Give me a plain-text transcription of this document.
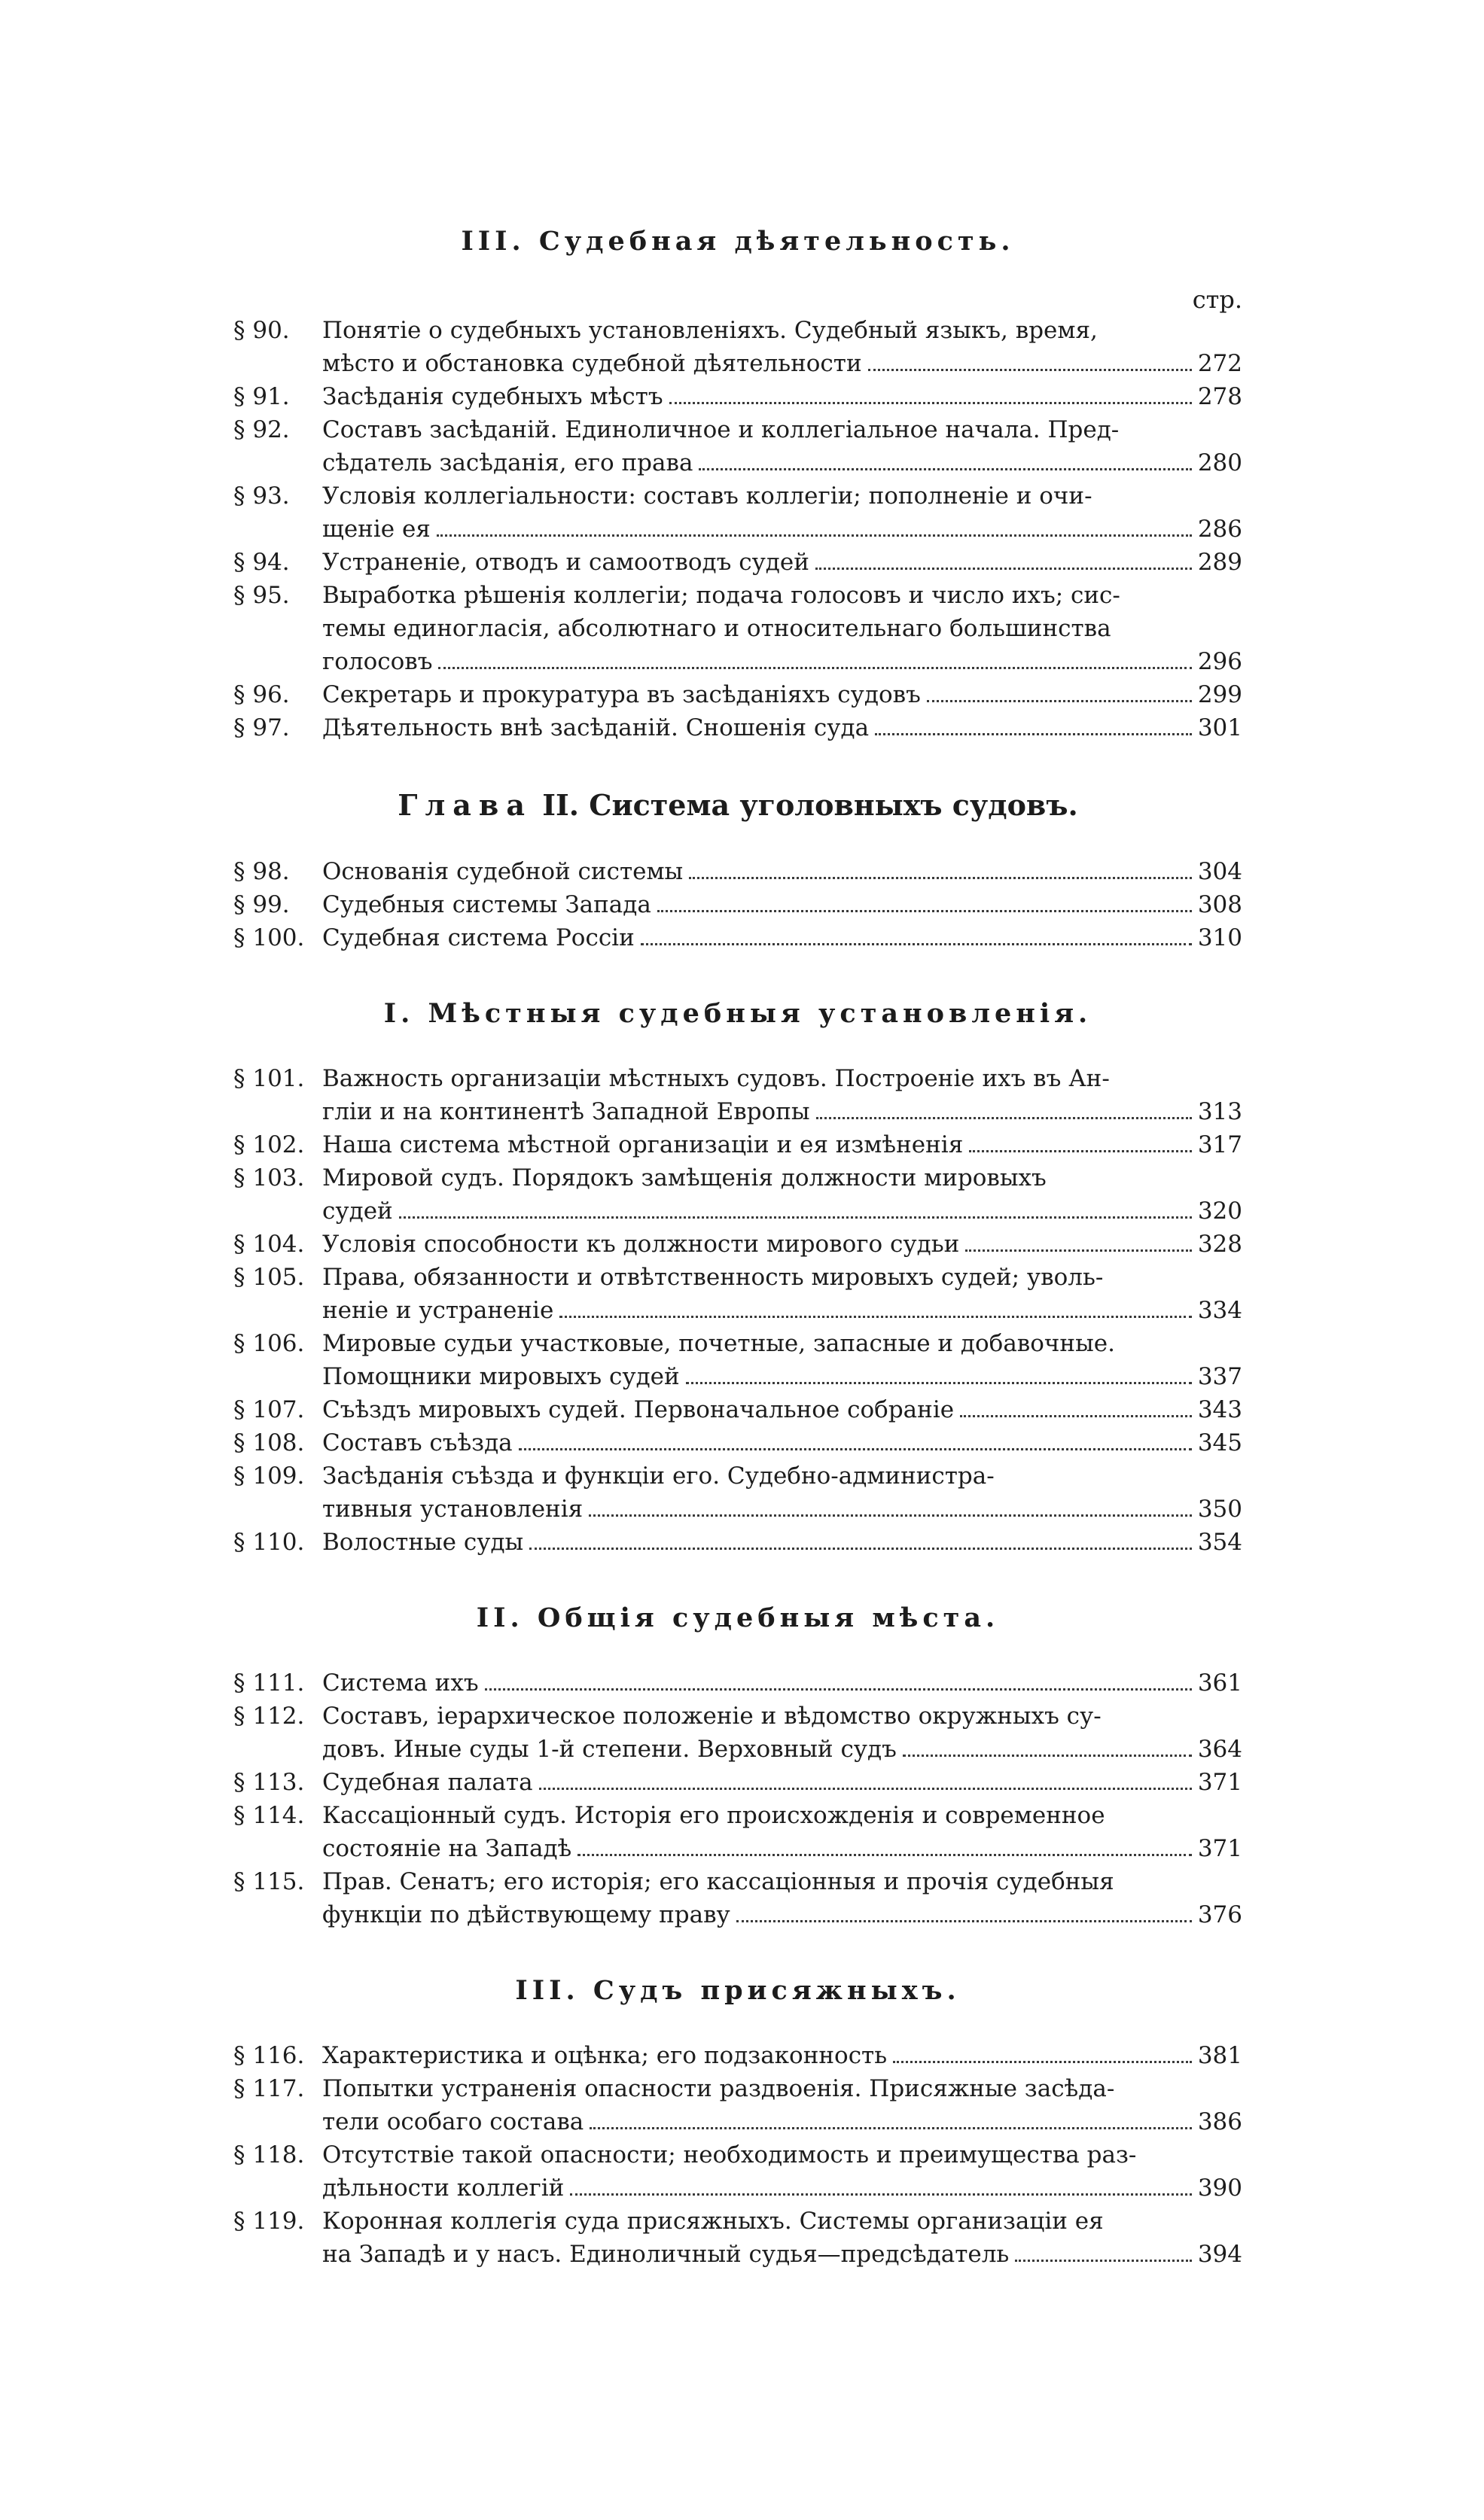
III. Судебная дѣятельность.
стр.
§ 90.	Понятіе о судебныхъ установленіяхъ. Судебный языкъ, время,
мѣсто и обстановка судебной дѣятельности	272
§ 91.	Засѣданія судебныхъ мѣстъ	278
§ 92.	Составъ засѣданій. Единоличное и коллегіальное начала. Пред-
сѣдатель засѣданія, его права	280
§ 93.	Условія коллегіальности: составъ коллегіи; пополненіе и очи-
щеніе ея	286
§ 94.	Устраненіе, отводъ и самоотводъ судей	289
§ 95.	Выработка рѣшенія коллегіи; подача голосовъ и число ихъ; сис-
темы единогласія, абсолютнаго и относительнаго большинства
голосовъ	296
§ 96.	Секретарь и прокуратура въ засѣданіяхъ судовъ	299
§ 97.	Дѣятельность внѣ засѣданій. Сношенія суда	301
Глава II. Система уголовныхъ судовъ.
§ 98.	Основанія судебной системы	304
§ 99.	Судебныя системы Запада	308
§ 100. Судебная система Россіи	310
I. Мѣстныя судебныя установленія.
§ 101. Важность организаціи мѣстныхъ судовъ. Построеніе ихъ въ Ан-
гліи и на континентѣ Западной Европы	313
§ 102. Наша система мѣстной организаціи и ея измѣненія	317
§ 103. Мировой судъ. Порядокъ замѣщенія должности мировыхъ
судей	320
§ 104. Условія способности къ должности мирового судьи	328
§ 105. Права, обязанности и отвѣтственность мировыхъ судей; уволь-
неніе и устраненіе	334
§ 106. Мировые судьи участковые, почетные, запасные и добавочные.
Помощники мировыхъ судей	337
§ 107. Съѣздъ мировыхъ судей. Первоначальное собраніе	343
§ 108. Составъ съѣзда	345
§ 109. Засѣданія съѣзда и функціи его. Судебно-администра-
тивныя установленія	350
§ 110. Волостные суды	354
II. Общія судебныя мѣста.
§ 111. Система ихъ	361
§ 112. Составъ, іерархическое положеніе и вѣдомство окружныхъ су-
довъ. Иные суды 1-й степени. Верховный судъ	364
§ 113. Судебная палата	371
§ 114. Кассаціонный судъ. Исторія его происхожденія и современное
состояніе на Западѣ	371
§ 115. Прав. Сенатъ; его исторія; его кассаціонныя и прочія судебныя
функціи по дѣйствующему праву	376
III. Судъ присяжныхъ.
§ 116. Характеристика и оцѣнка; его подзаконность	381
§ 117. Попытки устраненія опасности раздвоенія. Присяжные засѣда-
тели особаго состава	386
§ 118. Отсутствіе такой опасности; необходимость и преимущества раз-
дѣльности коллегій	390
§ 119. Коронная коллегія суда присяжныхъ. Системы организаціи ея
на Западѣ и у насъ. Единоличный судья—предсѣдатель	394
